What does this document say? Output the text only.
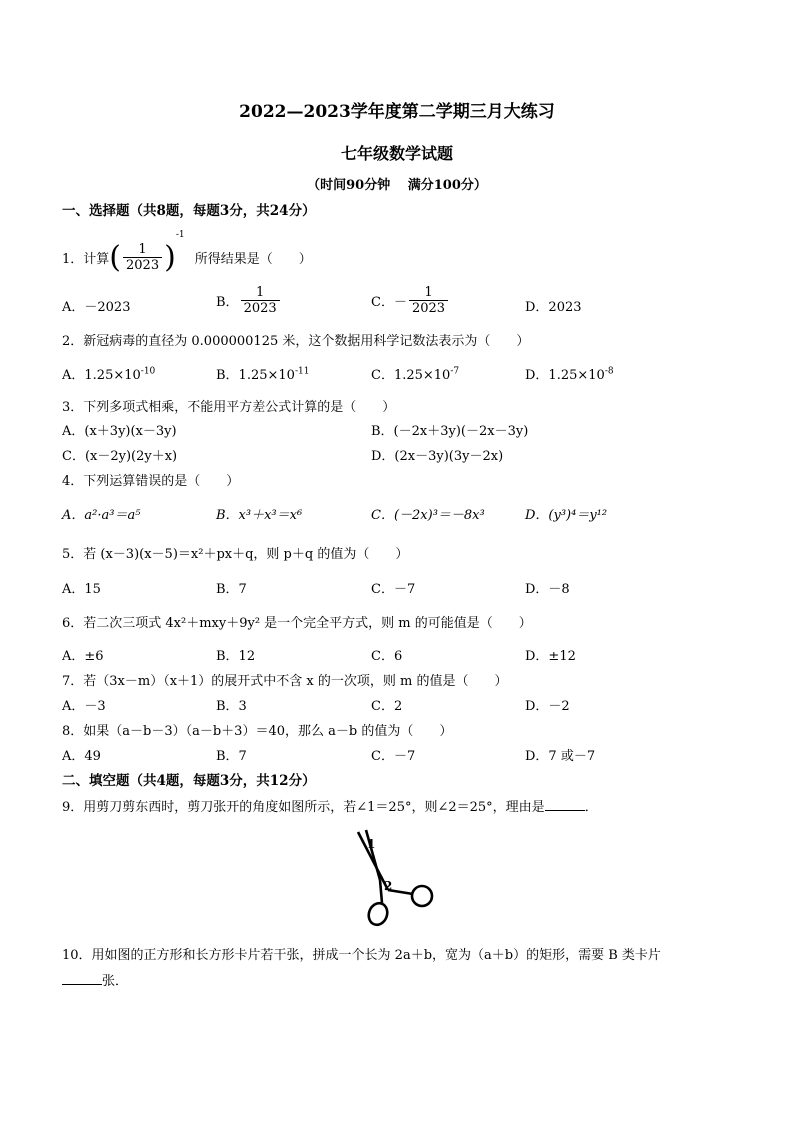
2022—2023学年度第二学期三月大练习
七年级数学试题
（时间90分钟　 满分100分）
一、选择题（共8题，每题3分，共24分）
1．计算( $\frac{1}{2023} )^{-1}$ 所得结果是（　　）
A．－2023	B． $\frac{1}{2023}$	C．－ $\frac{1}{2023}$	D．2023
2．新冠病毒的直径为 0.000000125 米，这个数据用科学记数法表示为（　　）
A．$1.25\times 10^{-10}$	B．$1.25\times 10^{-11}$	C．$1.25\times 10^{-7}$	D．$1.25\times 10^{-8}$
3．下列多项式相乘，不能用平方差公式计算的是（　　）
A．(x＋3y)(x－3y)	B．(－2x＋3y)(－2x－3y)
C．(x－2y)(2y＋x)	D．(2x－3y)(3y－2x)
4．下列运算错误的是（　　）
A．a²·a³＝a⁵	B．x³＋x³＝x⁶	C．(－2x)³＝－8x³	D．(y³)⁴＝y¹²
5．若 (x－3)(x－5)＝x²＋px＋q，则 p＋q 的值为（　　）
A．15	B．7	C．－7	D．－8
6．若二次三项式 4x²＋mxy＋9y² 是一个完全平方式，则 m 的可能值是（　　）
A．±6	B．12	C．6	D．±12
7．若（3x－m）（x＋1）的展开式中不含 x 的一次项，则 m 的值是（　　）
A．－3	B．3	C．2	D．－2
8．如果（a－b－3）（a－b＋3）＝40，那么 a－b 的值为（　　）
A．49	B．7	C．－7	D．7 或－7
二、填空题（共4题，每题3分，共12分）
9．用剪刀剪东西时，剪刀张开的角度如图所示，若∠1＝25°，则∠2＝25°，理由是	．
1
2
10．用如图的正方形和长方形卡片若干张，拼成一个长为 2a＋b，宽为（a＋b）的矩形，需要 B 类卡片
张．
